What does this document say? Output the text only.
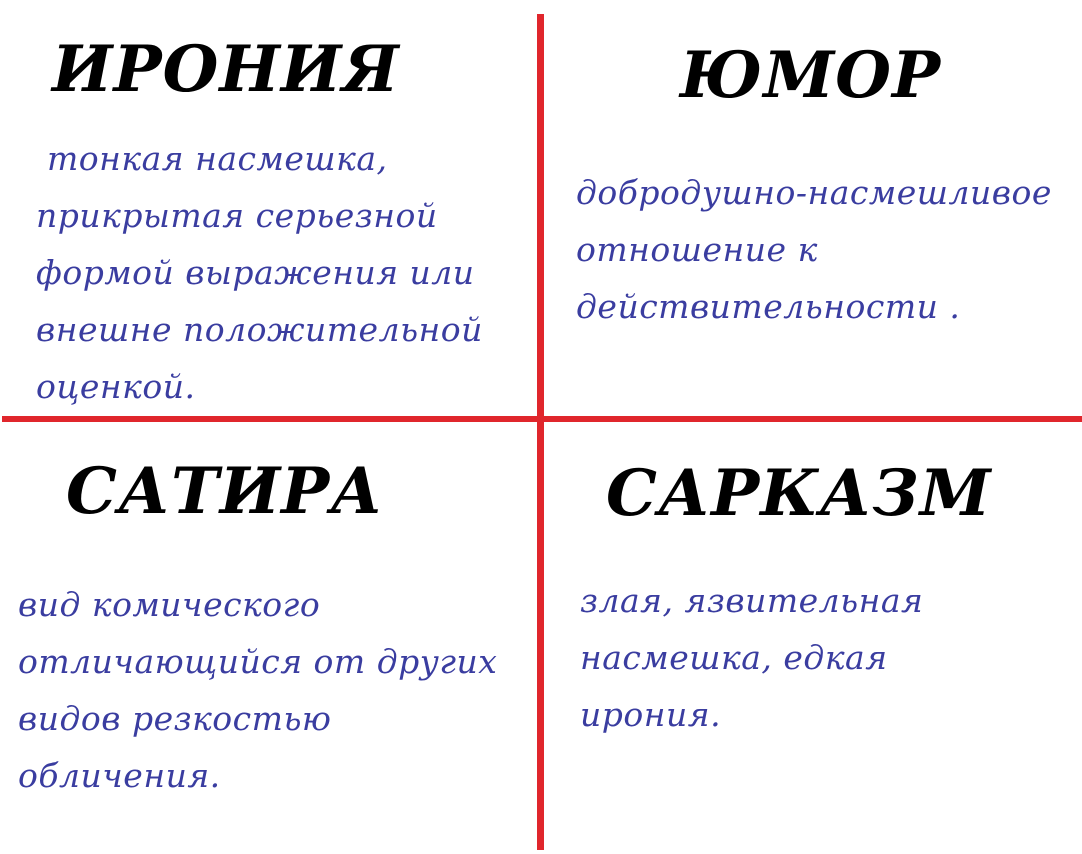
ИРОНИЯ

тонкая насмешка,
прикрытая серьезной
формой выражения или
внешне положительной
оценкой.

ЮМОР

добродушно-насмешливое
отношение к
действительности .

САТИРА

вид комического
отличающийся от других
видов резкостью
обличения.

САРКАЗМ

злая, язвительная
насмешка, едкая
ирония.
